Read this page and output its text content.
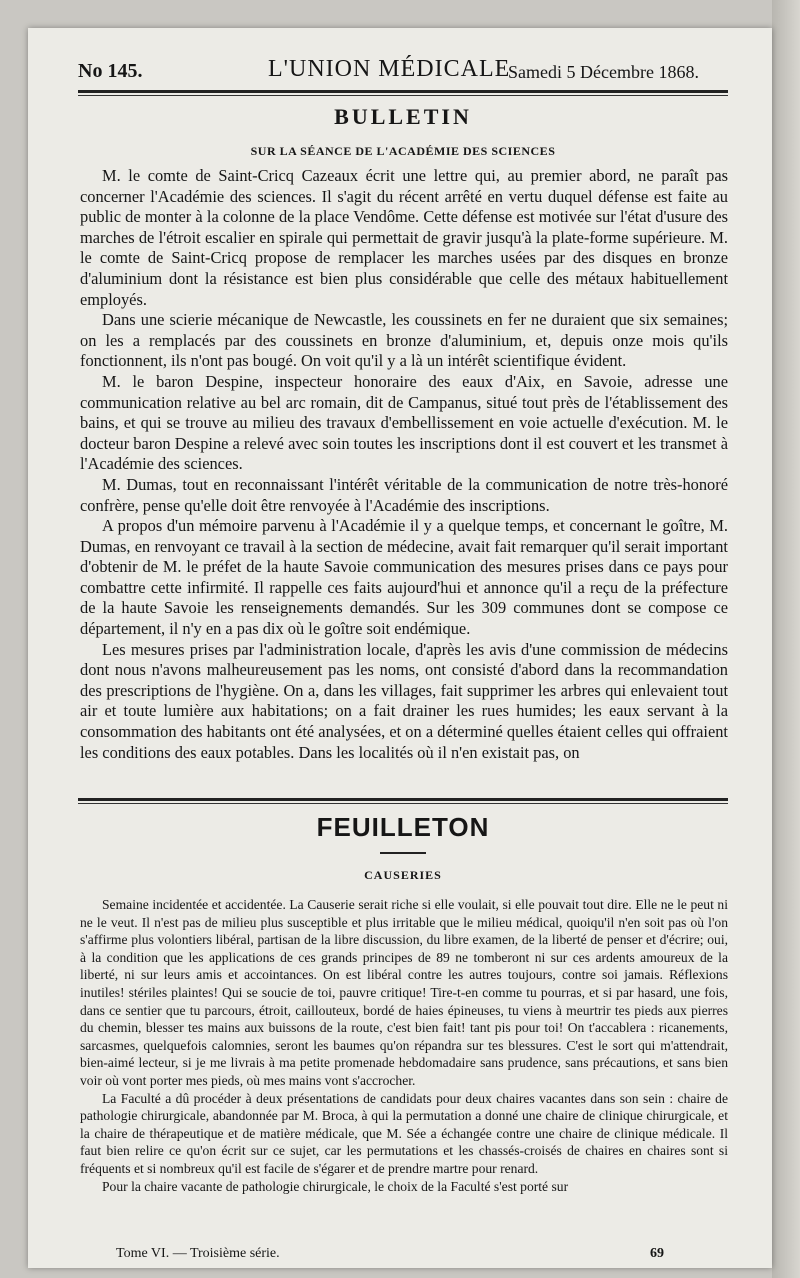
No 145.	L'UNION MÉDICALE
Samedi 5 Décembre 1868.
BULLETIN
SUR LA SÉANCE DE L'ACADÉMIE DES SCIENCES

M. le comte de Saint-Cricq Cazeaux écrit une lettre qui, au premier abord, ne paraît pas concerner l'Académie des sciences. Il s'agit du récent arrêté en vertu duquel défense est faite au public de monter à la colonne de la place Vendôme. Cette défense est motivée sur l'état d'usure des marches de l'étroit escalier en spirale qui permettait de gravir jusqu'à la plate-forme supérieure. M. le comte de Saint-Cricq propose de remplacer les marches usées par des disques en bronze d'aluminium dont la résistance est bien plus considérable que celle des métaux habituellement employés.

Dans une scierie mécanique de Newcastle, les coussinets en fer ne duraient que six semaines; on les a remplacés par des coussinets en bronze d'aluminium, et, depuis onze mois qu'ils fonctionnent, ils n'ont pas bougé. On voit qu'il y a là un intérêt scientifique évident.

M. le baron Despine, inspecteur honoraire des eaux d'Aix, en Savoie, adresse une communication relative au bel arc romain, dit de Campanus, situé tout près de l'établissement des bains, et qui se trouve au milieu des travaux d'embellissement en voie actuelle d'exécution. M. le docteur baron Despine a relevé avec soin toutes les inscriptions dont il est couvert et les transmet à l'Académie des sciences.

M. Dumas, tout en reconnaissant l'intérêt véritable de la communication de notre très-honoré confrère, pense qu'elle doit être renvoyée à l'Académie des inscriptions.

A propos d'un mémoire parvenu à l'Académie il y a quelque temps, et concernant le goître, M. Dumas, en renvoyant ce travail à la section de médecine, avait fait remarquer qu'il serait important d'obtenir de M. le préfet de la haute Savoie communication des mesures prises dans ce pays pour combattre cette infirmité. Il rappelle ces faits aujourd'hui et annonce qu'il a reçu de la préfecture de la haute Savoie les renseignements demandés. Sur les 309 communes dont se compose ce département, il n'y en a pas dix où le goître soit endémique.

Les mesures prises par l'administration locale, d'après les avis d'une commission de médecins dont nous n'avons malheureusement pas les noms, ont consisté d'abord dans la recommandation des prescriptions de l'hygiène. On a, dans les villages, fait supprimer les arbres qui enlevaient tout air et toute lumière aux habitations; on a fait drainer les rues humides; les eaux servant à la consommation des habitants ont été analysées, et on a déterminé quelles étaient celles qui offraient les conditions des eaux potables. Dans les localités où il n'en existait pas, on

FEUILLETON
CAUSERIES

Semaine incidentée et accidentée. La Causerie serait riche si elle voulait, si elle pouvait tout dire. Elle ne le peut ni ne le veut. Il n'est pas de milieu plus susceptible et plus irritable que le milieu médical, quoiqu'il n'en soit pas où l'on s'affirme plus volontiers libéral, partisan de la libre discussion, du libre examen, de la liberté de penser et d'écrire; oui, à la condition que les applications de ces grands principes de 89 ne tomberont ni sur ces ardents amoureux de la liberté, ni sur leurs amis et accointances. On est libéral contre les autres toujours, contre soi jamais. Réflexions inutiles! stériles plaintes! Qui se soucie de toi, pauvre critique! Tire-t-en comme tu pourras, et si par hasard, une fois, dans ce sentier que tu parcours, étroit, caillouteux, bordé de haies épineuses, tu viens à meurtrir tes pieds aux pierres du chemin, blesser tes mains aux buissons de la route, c'est bien fait! tant pis pour toi! On t'accablera : ricanements, sarcasmes, quelquefois calomnies, seront les baumes qu'on répandra sur tes blessures. C'est le sort qui m'attendrait, bien-aimé lecteur, si je me livrais à ma petite promenade hebdomadaire sans prudence, sans précautions, et sans bien voir où vont porter mes pieds, où mes mains vont s'accrocher.

La Faculté a dû procéder à deux présentations de candidats pour deux chaires vacantes dans son sein : chaire de pathologie chirurgicale, abandonnée par M. Broca, à qui la permutation a donné une chaire de clinique chirurgicale, et la chaire de thérapeutique et de matière médicale, que M. Sée a échangée contre une chaire de clinique médicale. Il faut bien relire ce qu'on écrit sur ce sujet, car les permutations et les chassés-croisés de chaires en chaires sont si fréquents et si nombreux qu'il est facile de s'égarer et de prendre martre pour renard.

Pour la chaire vacante de pathologie chirurgicale, le choix de la Faculté s'est porté sur

Tome VI. — Troisième série.	69
